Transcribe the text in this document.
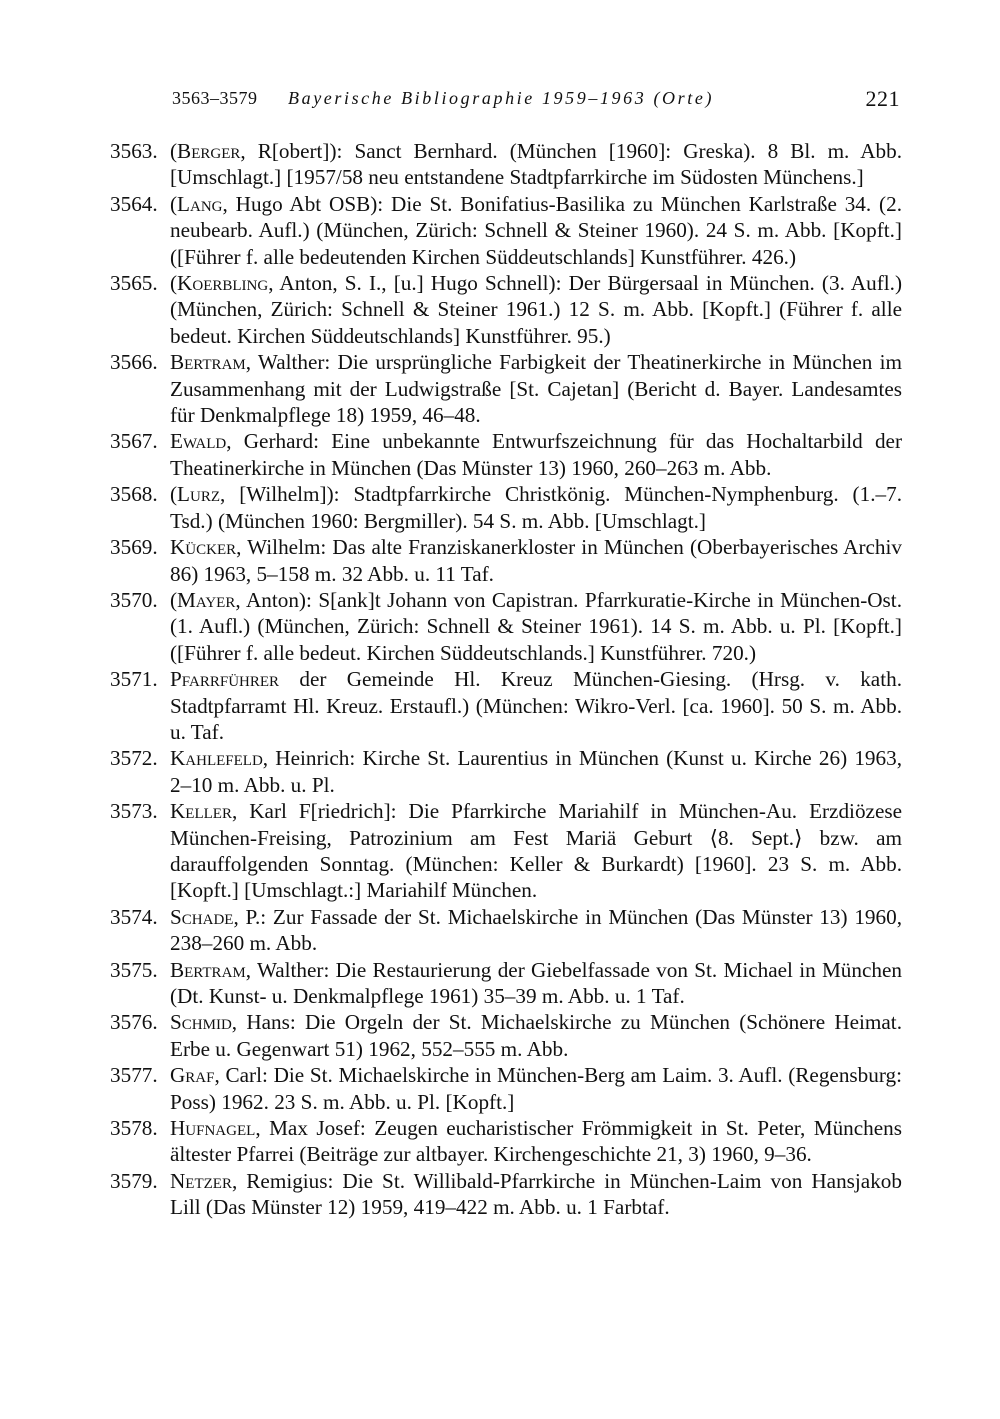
3563–3579 Bayerische Bibliographie 1959–1963 (Orte)	221
3563. (Berger, R[obert]): Sanct Bernhard. (München [1960]: Greska). 8 Bl. m. Abb. [Umschlagt.] [1957/58 neu entstandene Stadtpfarrkirche im Südosten Münchens.]
3564. (Lang, Hugo Abt OSB): Die St. Bonifatius-Basilika zu München Karlstraße 34. (2. neubearb. Aufl.) (München, Zürich: Schnell & Steiner 1960). 24 S. m. Abb. [Kopft.] ([Führer f. alle bedeutenden Kirchen Süddeutschlands] Kunstführer. 426.)
3565. (Koerbling, Anton, S. I., [u.] Hugo Schnell): Der Bürgersaal in München. (3. Aufl.) (München, Zürich: Schnell & Steiner 1961.) 12 S. m. Abb. [Kopft.] (Führer f. alle bedeut. Kirchen Süddeutschlands] Kunstführer. 95.)
3566. Bertram, Walther: Die ursprüngliche Farbigkeit der Theatinerkirche in München im Zusammenhang mit der Ludwigstraße [St. Cajetan] (Bericht d. Bayer. Landesamtes für Denkmalpflege 18) 1959, 46–48.
3567. Ewald, Gerhard: Eine unbekannte Entwurfszeichnung für das Hochaltarbild der Theatinerkirche in München (Das Münster 13) 1960, 260–263 m. Abb.
3568. (Lurz, [Wilhelm]): Stadtpfarrkirche Christkönig. München-Nymphenburg. (1.–7. Tsd.) (München 1960: Bergmiller). 54 S. m. Abb. [Umschlagt.]
3569. Kücker, Wilhelm: Das alte Franziskanerkloster in München (Oberbayerisches Archiv 86) 1963, 5–158 m. 32 Abb. u. 11 Taf.
3570. (Mayer, Anton): S[ank]t Johann von Capistran. Pfarrkuratie-Kirche in München-Ost. (1. Aufl.) (München, Zürich: Schnell & Steiner 1961). 14 S. m. Abb. u. Pl. [Kopft.] ([Führer f. alle bedeut. Kirchen Süddeutschlands.] Kunstführer. 720.)
3571. Pfarrführer der Gemeinde Hl. Kreuz München-Giesing. (Hrsg. v. kath. Stadtpfarramt Hl. Kreuz. Erstaufl.) (München: Wikro-Verl. [ca. 1960]. 50 S. m. Abb. u. Taf.
3572. Kahlefeld, Heinrich: Kirche St. Laurentius in München (Kunst u. Kirche 26) 1963, 2–10 m. Abb. u. Pl.
3573. Keller, Karl F[riedrich]: Die Pfarrkirche Mariahilf in München-Au. Erzdiözese München-Freising, Patrozinium am Fest Mariä Geburt ⟨8. Sept.⟩ bzw. am darauffolgenden Sonntag. (München: Keller & Burkardt) [1960]. 23 S. m. Abb. [Kopft.] [Umschlagt.:] Mariahilf München.
3574. Schade, P.: Zur Fassade der St. Michaelskirche in München (Das Münster 13) 1960, 238–260 m. Abb.
3575. Bertram, Walther: Die Restaurierung der Giebelfassade von St. Michael in München (Dt. Kunst- u. Denkmalpflege 1961) 35–39 m. Abb. u. 1 Taf.
3576. Schmid, Hans: Die Orgeln der St. Michaelskirche zu München (Schönere Heimat. Erbe u. Gegenwart 51) 1962, 552–555 m. Abb.
3577. Graf, Carl: Die St. Michaelskirche in München-Berg am Laim. 3. Aufl. (Regensburg: Poss) 1962. 23 S. m. Abb. u. Pl. [Kopft.]
3578. Hufnagel, Max Josef: Zeugen eucharistischer Frömmigkeit in St. Peter, Münchens ältester Pfarrei (Beiträge zur altbayer. Kirchengeschichte 21, 3) 1960, 9–36.
3579. Netzer, Remigius: Die St. Willibald-Pfarrkirche in München-Laim von Hansjakob Lill (Das Münster 12) 1959, 419–422 m. Abb. u. 1 Farbtaf.
